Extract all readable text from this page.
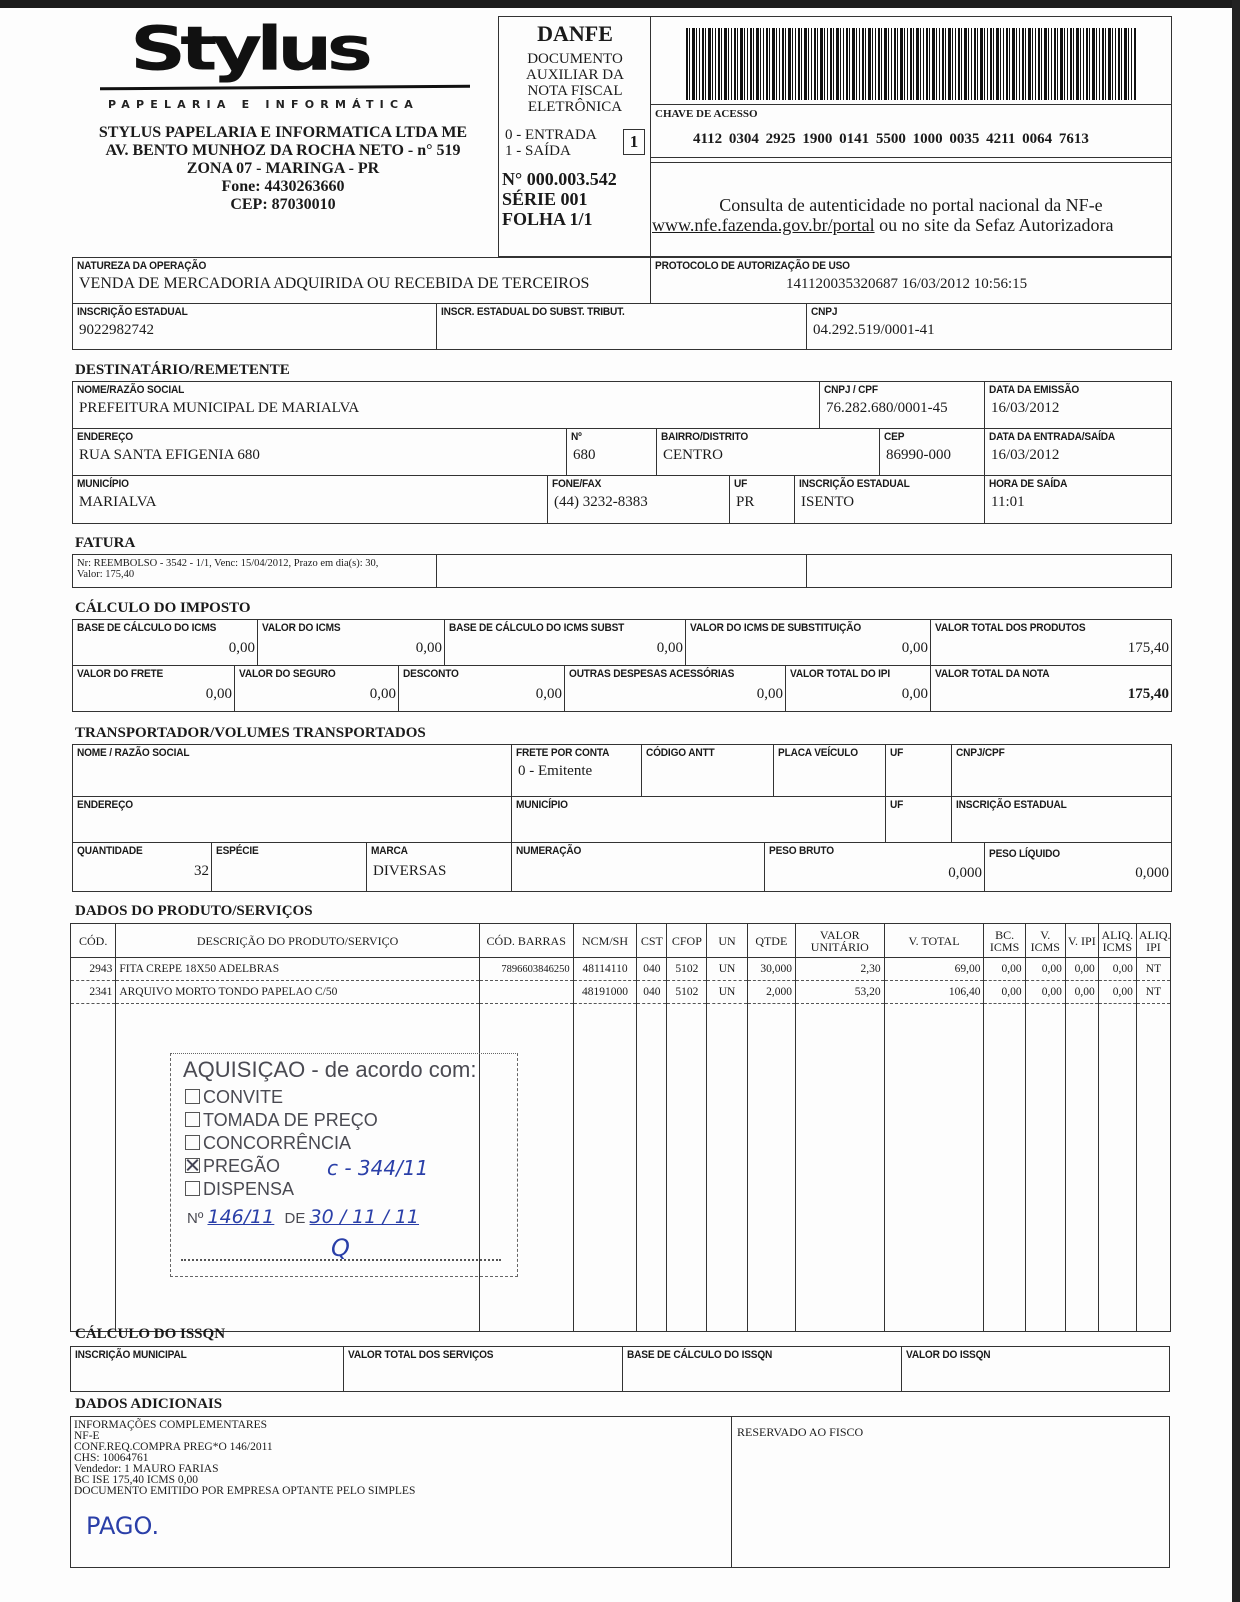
Stylus
PAPELARIA E INFORMÁTICA
STYLUS PAPELARIA E INFORMATICA LTDA ME
AV. BENTO MUNHOZ DA ROCHA NETO - n° 519
ZONA 07 - MARINGA - PR
Fone: 4430263660
CEP: 87030010
DANFE
DOCUMENTO
AUXILIAR DA
NOTA FISCAL
ELETRÔNICA
0 - ENTRADA
1 - SAÍDA	1
N° 000.003.542
SÉRIE 001
FOLHA 1/1
CHAVE DE ACESSO
4112 0304 2925 1900 0141 5500 1000 0035 4211 0064 7613
Consulta de autenticidade no portal nacional da NF-e
www.nfe.fazenda.gov.br/portal ou no site da Sefaz Autorizadora
NATUREZA DA OPERAÇÃO
VENDA DE MERCADORIA ADQUIRIDA OU RECEBIDA DE TERCEIROS
PROTOCOLO DE AUTORIZAÇÃO DE USO
141120035320687 16/03/2012 10:56:15
INSCRIÇÃO ESTADUAL
9022982742
INSCR. ESTADUAL DO SUBST. TRIBUT.	CNPJ
04.292.519/0001-41
DESTINATÁRIO/REMETENTE
NOME/RAZÃO SOCIAL
PREFEITURA MUNICIPAL DE MARIALVA
CNPJ / CPF
76.282.680/0001-45
DATA DA EMISSÃO
16/03/2012
ENDEREÇO
RUA SANTA EFIGENIA 680
Nº
680
BAIRRO/DISTRITO
CENTRO
CEP
86990-000
DATA DA ENTRADA/SAÍDA
16/03/2012
MUNICÍPIO
MARIALVA
FONE/FAX
(44) 3232-8383
UF
PR
INSCRIÇÃO ESTADUAL
ISENTO
HORA DE SAÍDA
11:01
FATURA
Nr: REEMBOLSO - 3542 - 1/1, Venc: 15/04/2012, Prazo em dia(s): 30,
Valor: 175,40
CÁLCULO DO IMPOSTO
BASE DE CÁLCULO DO ICMS
0,00
VALOR DO ICMS
0,00
BASE DE CÁLCULO DO ICMS SUBST
0,00
VALOR DO ICMS DE SUBSTITUIÇÃO
0,00
VALOR TOTAL DOS PRODUTOS
175,40
VALOR DO FRETE
0,00
VALOR DO SEGURO
0,00
DESCONTO
0,00
OUTRAS DESPESAS ACESSÓRIAS
0,00
VALOR TOTAL DO IPI
0,00
VALOR TOTAL DA NOTA
175,40
TRANSPORTADOR/VOLUMES TRANSPORTADOS
NOME / RAZÃO SOCIAL	FRETE POR CONTA
0 - Emitente
CÓDIGO ANTT	PLACA VEÍCULO	UF	CNPJ/CPF
ENDEREÇO	MUNICÍPIO	UF	INSCRIÇÃO ESTADUAL
QUANTIDADE
32
ESPÉCIE	MARCA
DIVERSAS
NUMERAÇÃO	PESO BRUTO
0,000
PESO LÍQUIDO
0,000
DADOS DO PRODUTO/SERVIÇOS
CÓD.	DESCRIÇÃO DO PRODUTO/SERVIÇO	CÓD. BARRAS	NCM/SH	CST	CFOP	UN	QTDE	VALOR UNITÁRIO	V. TOTAL	BC. ICMS	V. ICMS	V. IPI	ALIQ. ICMS	ALIQ. IPI
2943	FITA CREPE 18X50 ADELBRAS	7896603846250	48114110	040	5102	UN	30,000	2,30	69,00	0,00	0,00	0,00	0,00	NT
2341	ARQUIVO MORTO TONDO PAPELAO C/50		48191000	040	5102	UN	2,000	53,20	106,40	0,00	0,00	0,00	0,00	NT

AQUISIÇAO - de acordo com:
CONVITE
TOMADA DE PREÇO
CONCORRÊNCIA
PREGÃO
DISPENSA
c - 344/11
Nº 146/11 DE 30 / 11 / 11
Q
CÁLCULO DO ISSQN
INSCRIÇÃO MUNICIPAL	VALOR TOTAL DOS SERVIÇOS	BASE DE CÁLCULO DO ISSQN	VALOR DO ISSQN
DADOS ADICIONAIS
RESERVADO AO FISCO
INFORMAÇÕES COMPLEMENTARES
NF-E
CONF.REQ.COMPRA PREG*O 146/2011
CHS: 10064761
Vendedor: 1 MAURO FARIAS
BC ISE 175,40 ICMS 0,00
DOCUMENTO EMITIDO POR EMPRESA OPTANTE PELO SIMPLES
PAGO.
